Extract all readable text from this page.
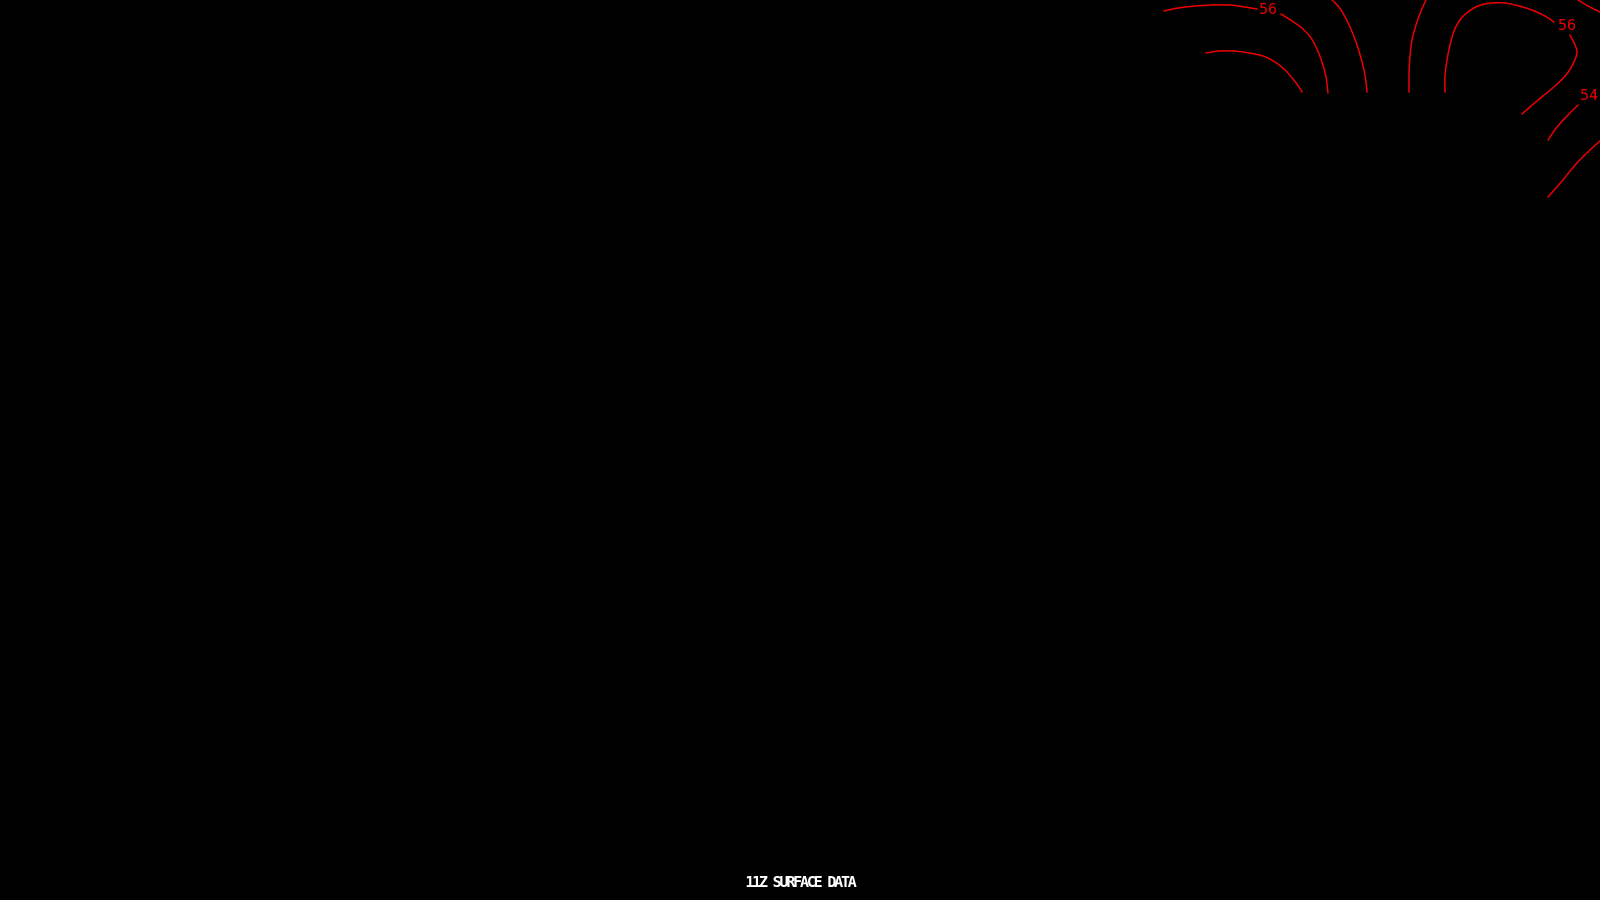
56
56
54
11Z SURFACE DATA
